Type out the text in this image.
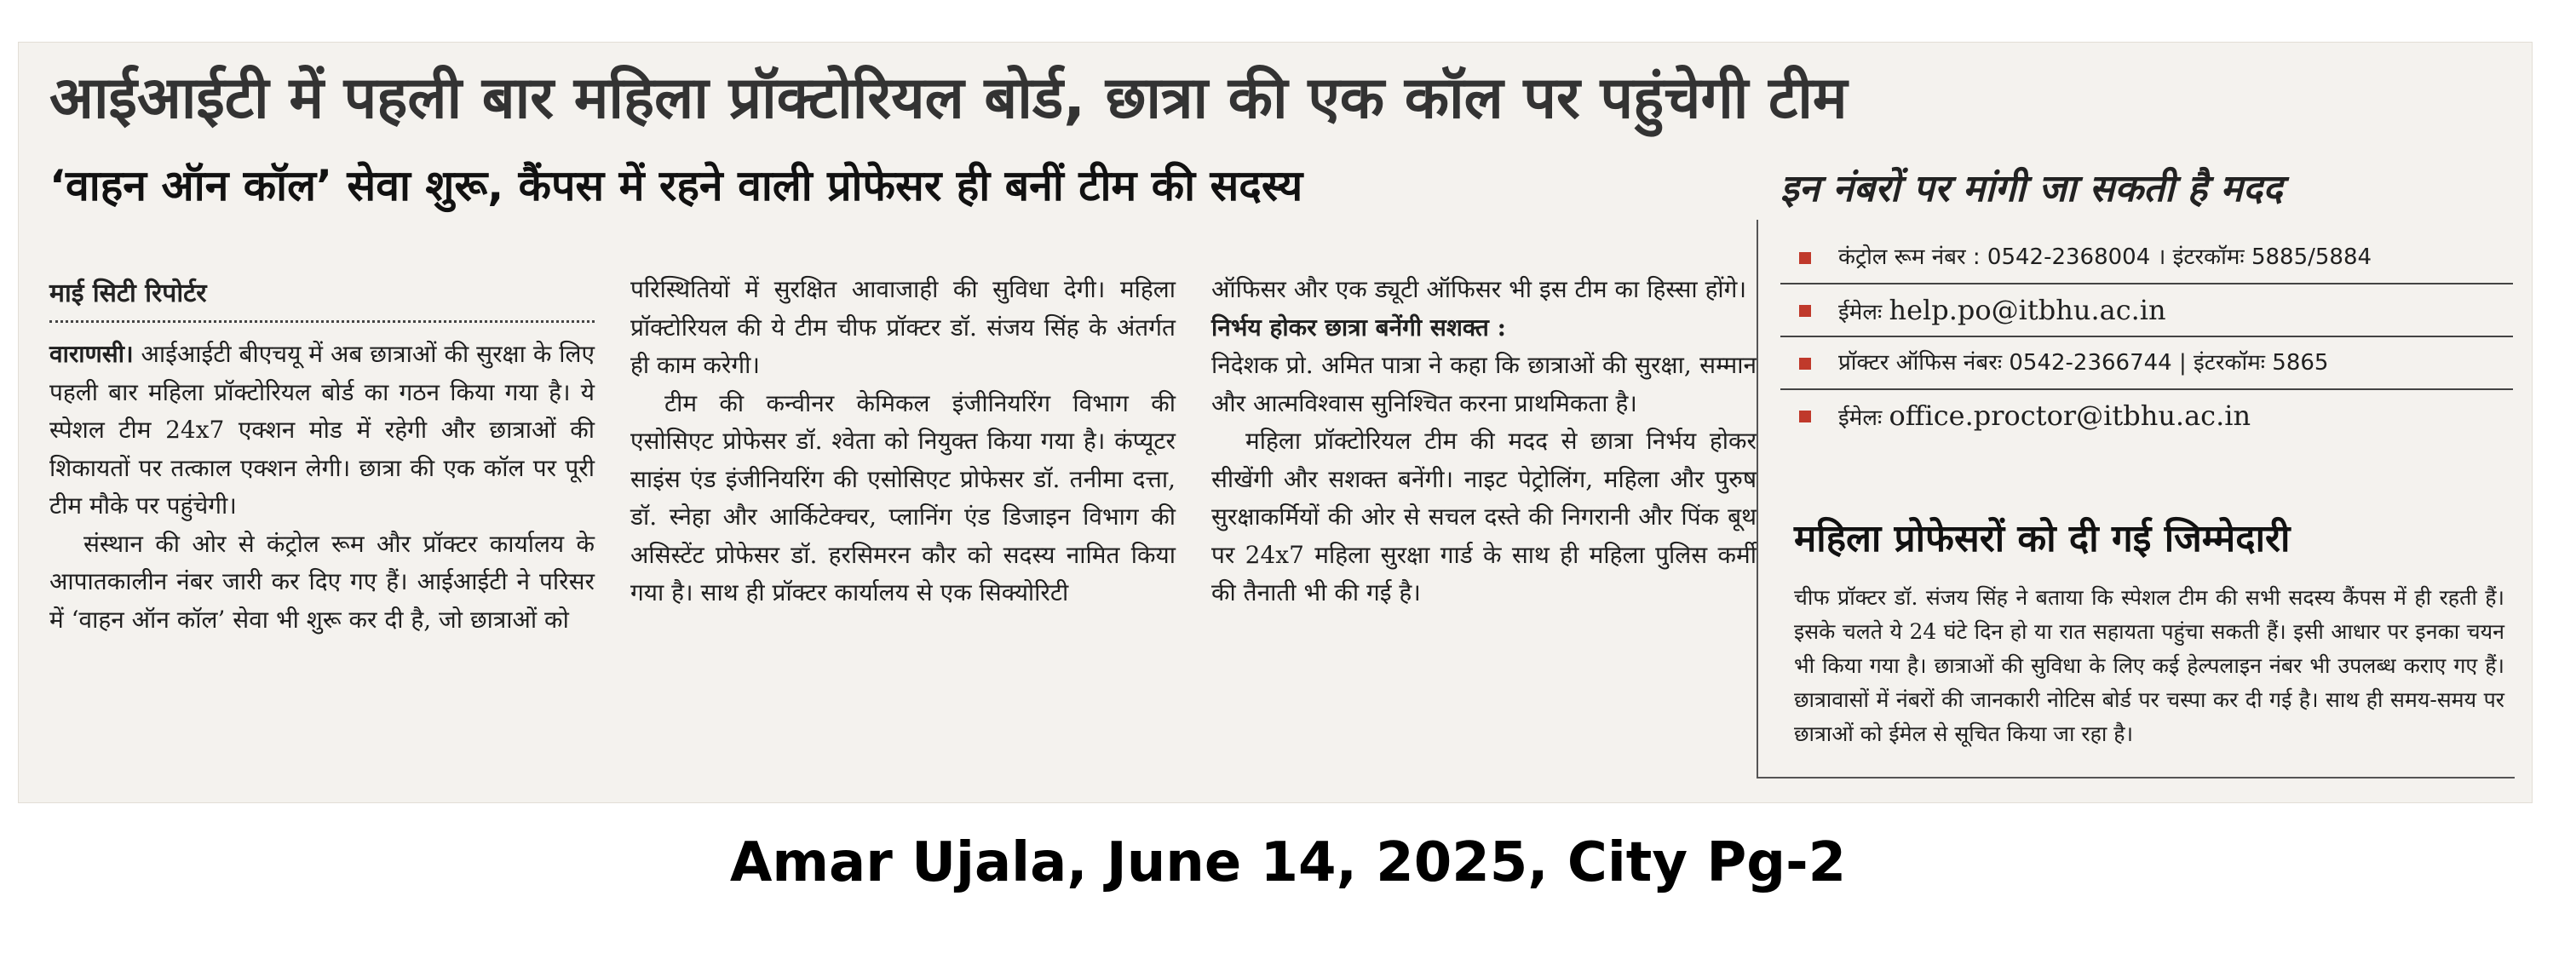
आईआईटी में पहली बार महिला प्रॉक्टोरियल बोर्ड, छात्रा की एक कॉल पर पहुंचेगी टीम
‘वाहन ऑन कॉल’ सेवा शुरू, कैंपस में रहने वाली प्रोफेसर ही बनीं टीम की सदस्य
माई सिटी रिपोर्टर

वाराणसी। आईआईटी बीएचयू में अब छात्राओं की सुरक्षा के लिए पहली बार महिला प्रॉक्टोरियल बोर्ड का गठन किया गया है। ये स्पेशल टीम 24x7 एक्शन मोड में रहेगी और छात्राओं की शिकायतों पर तत्काल एक्शन लेगी। छात्रा की एक कॉल पर पूरी टीम मौके पर पहुंचेगी।

संस्थान की ओर से कंट्रोल रूम और प्रॉक्टर कार्यालय के आपातकालीन नंबर जारी कर दिए गए हैं। आईआईटी ने परिसर में ‘वाहन ऑन कॉल’ सेवा भी शुरू कर दी है, जो छात्राओं को

परिस्थितियों में सुरक्षित आवाजाही की सुविधा देगी। महिला प्रॉक्टोरियल की ये टीम चीफ प्रॉक्टर डॉ. संजय सिंह के अंतर्गत ही काम करेगी।

टीम की कन्वीनर केमिकल इंजीनियरिंग विभाग की एसोसिएट प्रोफेसर डॉ. श्वेता को नियुक्त किया गया है। कंप्यूटर साइंस एंड इंजीनियरिंग की एसोसिएट प्रोफेसर डॉ. तनीमा दत्ता, डॉ. स्नेहा और आर्किटेक्चर, प्लानिंग एंड डिजाइन विभाग की असिस्टेंट प्रोफेसर डॉ. हरसिमरन कौर को सदस्य नामित किया गया है। साथ ही प्रॉक्टर कार्यालय से एक सिक्योरिटी

ऑफिसर और एक ड्यूटी ऑफिसर भी इस टीम का हिस्सा होंगे।

निर्भय होकर छात्रा बनेंगी सशक्त :

निदेशक प्रो. अमित पात्रा ने कहा कि छात्राओं की सुरक्षा, सम्मान और आत्मविश्वास सुनिश्चित करना प्राथमिकता है।

महिला प्रॉक्टोरियल टीम की मदद से छात्रा निर्भय होकर सीखेंगी और सशक्त बनेंगी। नाइट पेट्रोलिंग, महिला और पुरुष सुरक्षाकर्मियों की ओर से सचल दस्ते की निगरानी और पिंक बूथ पर 24x7 महिला सुरक्षा गार्ड के साथ ही महिला पुलिस कर्मी की तैनाती भी की गई है।

इन नंबरों पर मांगी जा सकती है मदद
कंट्रोल रूम नंबर : 0542-2368004 । इंटरकॉमः 5885/5884
ईमेलः help.po@itbhu.ac.in
प्रॉक्टर ऑफिस नंबरः 0542-2366744 | इंटरकॉमः 5865
ईमेलः office.proctor@itbhu.ac.in
महिला प्रोफेसरों को दी गई जिम्मेदारी

चीफ प्रॉक्टर डॉ. संजय सिंह ने बताया कि स्पेशल टीम की सभी सदस्य कैंपस में ही रहती हैं। इसके चलते ये 24 घंटे दिन हो या रात सहायता पहुंचा सकती हैं। इसी आधार पर इनका चयन भी किया गया है। छात्राओं की सुविधा के लिए कई हेल्पलाइन नंबर भी उपलब्ध कराए गए हैं। छात्रावासों में नंबरों की जानकारी नोटिस बोर्ड पर चस्पा कर दी गई है। साथ ही समय-समय पर छात्राओं को ईमेल से सूचित किया जा रहा है।

Amar Ujala, June 14, 2025, City Pg-2
